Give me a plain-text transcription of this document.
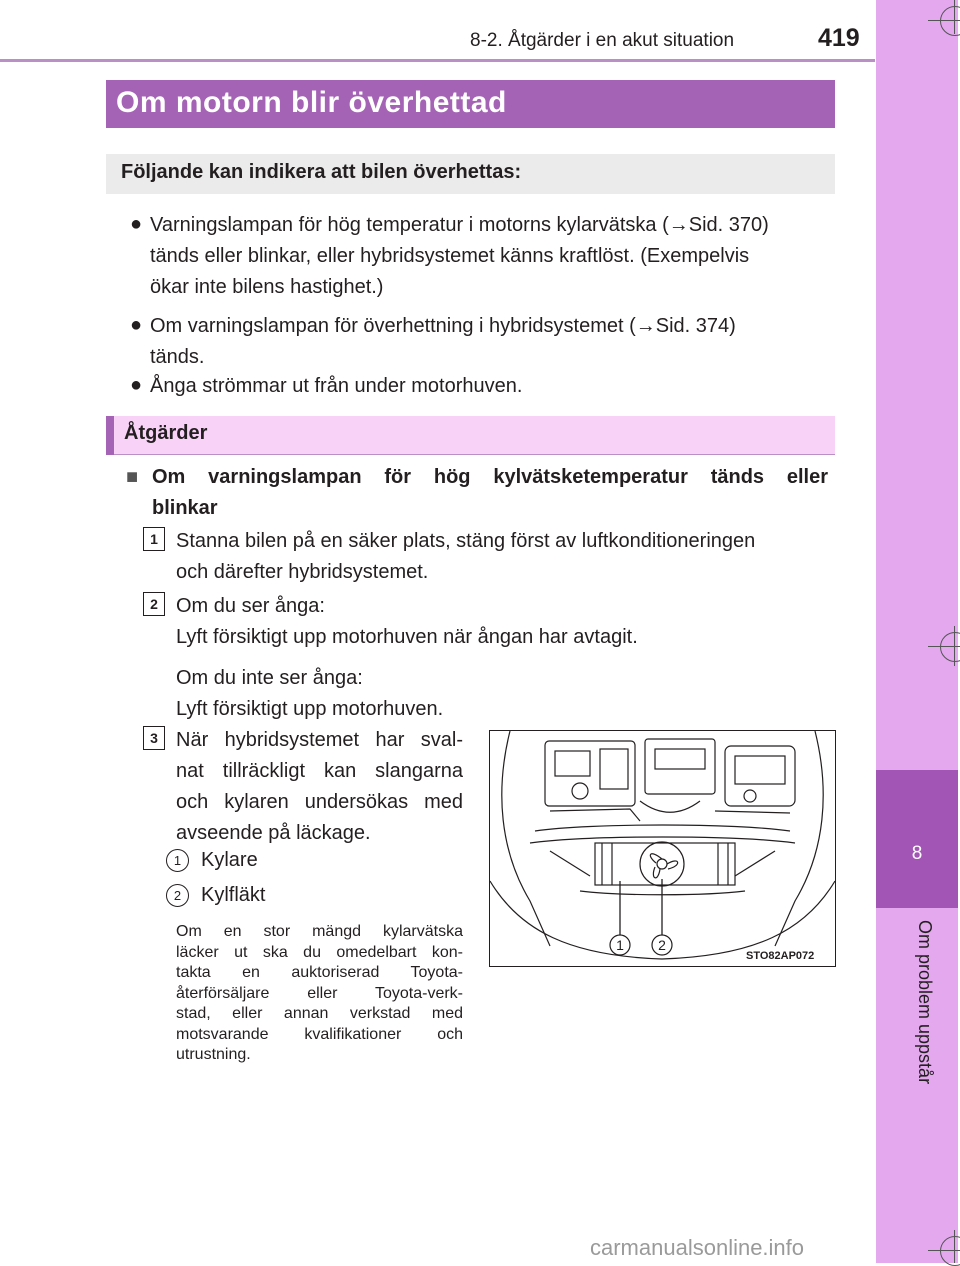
8
Om problem uppstår
8-2. Åtgärder i en akut situation	419
Om motorn blir överhettad
Följande kan indikera att bilen överhettas:
● Varningslampan för hög temperatur i motorns kylarvätska (→Sid. 370)
tänds eller blinkar, eller hybridsystemet känns kraftlöst. (Exempelvis
ökar inte bilens hastighet.)
● Om varningslampan för överhettning i hybridsystemet (→Sid. 374)
tänds.
● Ånga strömmar ut från under motorhuven.
Åtgärder
■ Om varningslampan för hög kylvätsketemperatur tänds eller
blinkar
1 Stanna bilen på en säker plats, stäng först av luftkonditioneringen
och därefter hybridsystemet.
2 Om du ser ånga:
Lyft försiktigt upp motorhuven när ångan har avtagit.
Om du inte ser ånga:
Lyft försiktigt upp motorhuven.
3 När hybridsystemet har sval-
nat tillräckligt kan slangarna
och kylaren undersökas med
avseende på läckage.
1 Kylare
2 Kylfläkt
Om en stor mängd kylarvätska
läcker ut ska du omedelbart kon-
takta en auktoriserad Toyota-
återförsäljare eller Toyota-verk-
stad, eller annan verkstad med
motsvarande kvalifikationer och
utrustning.
1 2
STO82AP072
carmanualsonline.info
